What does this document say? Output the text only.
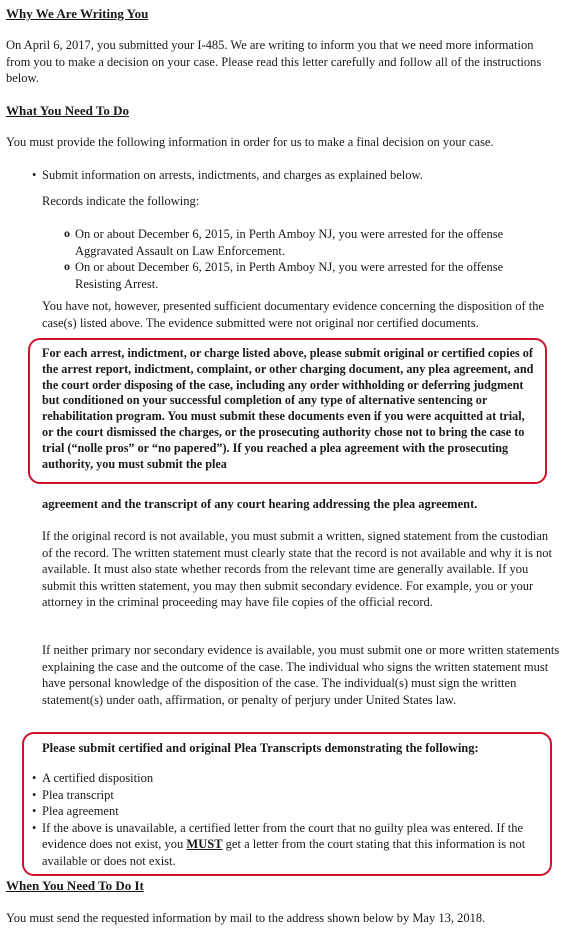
Why We Are Writing You

On April 6, 2017, you submitted your I-485. We are writing to inform you that we need more information from you to make a decision on your case. Please read this letter carefully and follow all of the instructions below.

What You Need To Do

You must provide the following information in order for us to make a final decision on your case.

• Submit information on arrests, indictments, and charges as explained below.

Records indicate the following:

o On or about December 6, 2015, in Perth Amboy NJ, you were arrested for the offense Aggravated Assault on Law Enforcement.
o On or about December 6, 2015, in Perth Amboy NJ, you were arrested for the offense Resisting Arrest.

You have not, however, presented sufficient documentary evidence concerning the disposition of the case(s) listed above. The evidence submitted were not original nor certified documents.

For each arrest, indictment, or charge listed above, please submit original or certified copies of the arrest report, indictment, complaint, or other charging document, any plea agreement, and the court order disposing of the case, including any order withholding or deferring judgment but conditioned on your successful completion of any type of alternative sentencing or rehabilitation program. You must submit these documents even if you were acquitted at trial, or the court dismissed the charges, or the prosecuting authority chose not to bring the case to trial (“nolle pros” or “no papered”). If you reached a plea agreement with the prosecuting authority, you must submit the plea

agreement and the transcript of any court hearing addressing the plea agreement.

If the original record is not available, you must submit a written, signed statement from the custodian of the record. The written statement must clearly state that the record is not available and why it is not available. It must also state whether records from the relevant time are generally available. If you submit this written statement, you may then submit secondary evidence. For example, you or your attorney in the criminal proceeding may have file copies of the official record.

If neither primary nor secondary evidence is available, you must submit one or more written statements explaining the case and the outcome of the case. The individual who signs the written statement must have personal knowledge of the disposition of the case. The individual(s) must sign the written statement(s) under oath, affirmation, or penalty of perjury under United States law.

Please submit certified and original Plea Transcripts demonstrating the following:

• A certified disposition
• Plea transcript
• Plea agreement
• If the above is unavailable, a certified letter from the court that no guilty plea was entered. If the evidence does not exist, you MUST get a letter from the court stating that this information is not available or does not exist.
When You Need To Do It

You must send the requested information by mail to the address shown below by May 13, 2018.
